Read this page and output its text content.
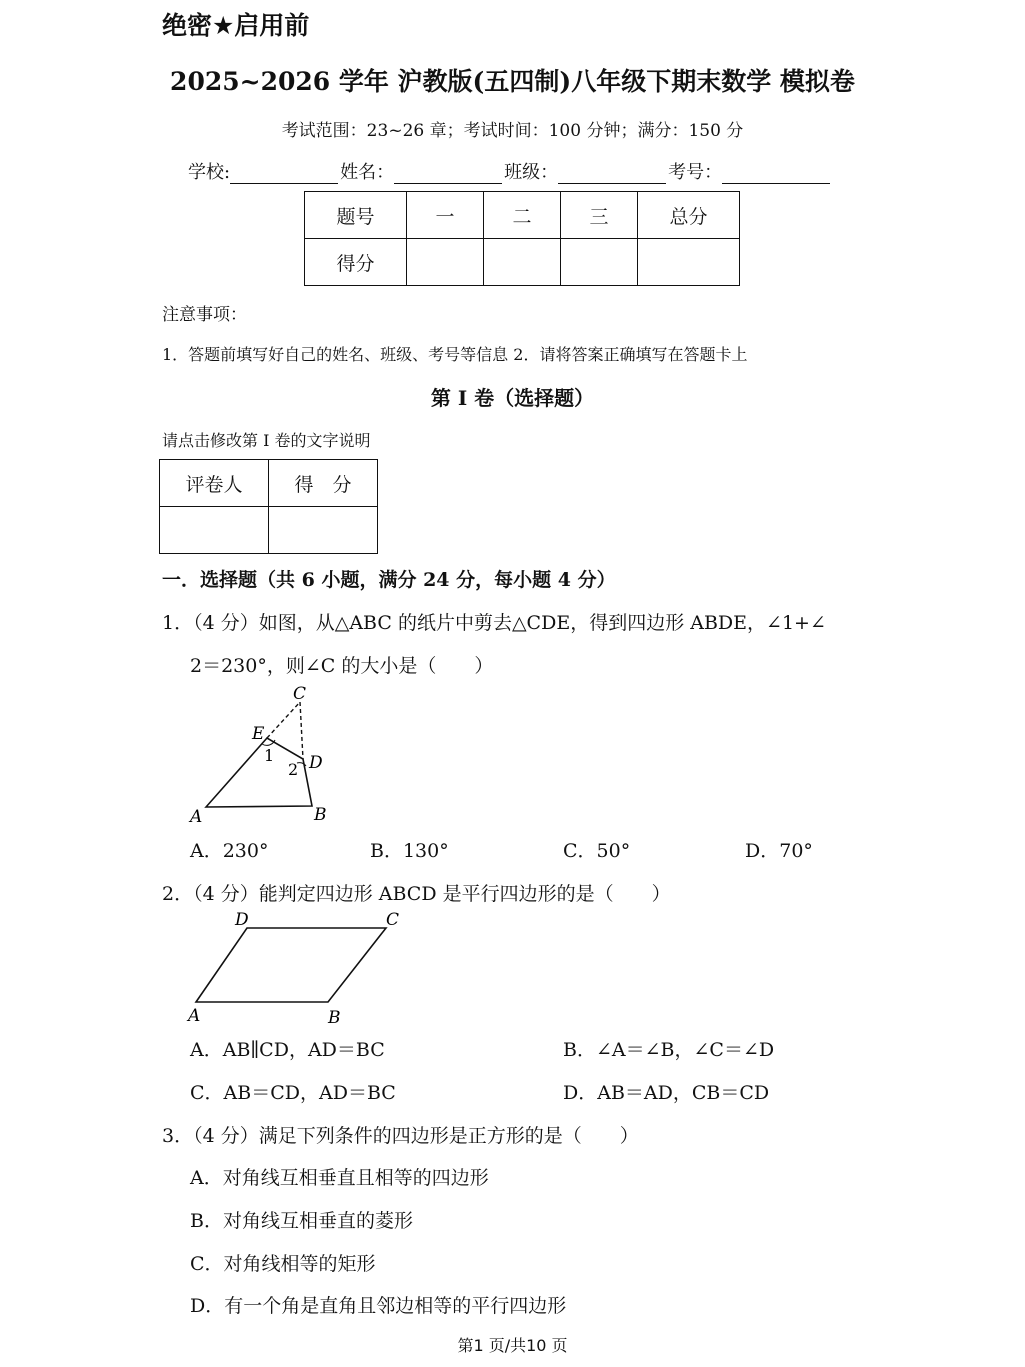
绝密★启用前
2025~2026 学年 沪教版(五四制)八年级下期末数学 模拟卷
考试范围：23~26 章；考试时间：100 分钟；满分：150 分
学校:	姓名：	班级：	考号：
题号	一	二	三	总分
得分				
注意事项：
1．答题前填写好自己的姓名、班级、考号等信息 2．请将答案正确填写在答题卡上
第 I 卷（选择题）
请点击修改第 I 卷的文字说明
评卷人	得　分

一．选择题（共 6 小题，满分 24 分，每小题 4 分）
1．（4 分）如图，从△ABC 的纸片中剪去△CDE，得到四边形 ABDE，∠1+∠
2＝230°，则∠C 的大小是（　　）
C
E
D
A	B
1
2
A．230°	B．130°	C．50°	D．70°
2．（4 分）能判定四边形 ABCD 是平行四边形的是（　　）
D	C
A	B
A．AB∥CD，AD＝BC	B．∠A＝∠B，∠C＝∠D
C．AB＝CD，AD＝BC	D．AB＝AD，CB＝CD
3．（4 分）满足下列条件的四边形是正方形的是（　　）
A．对角线互相垂直且相等的四边形
B．对角线互相垂直的菱形
C．对角线相等的矩形
D．有一个角是直角且邻边相等的平行四边形
第1 页/共10 页
